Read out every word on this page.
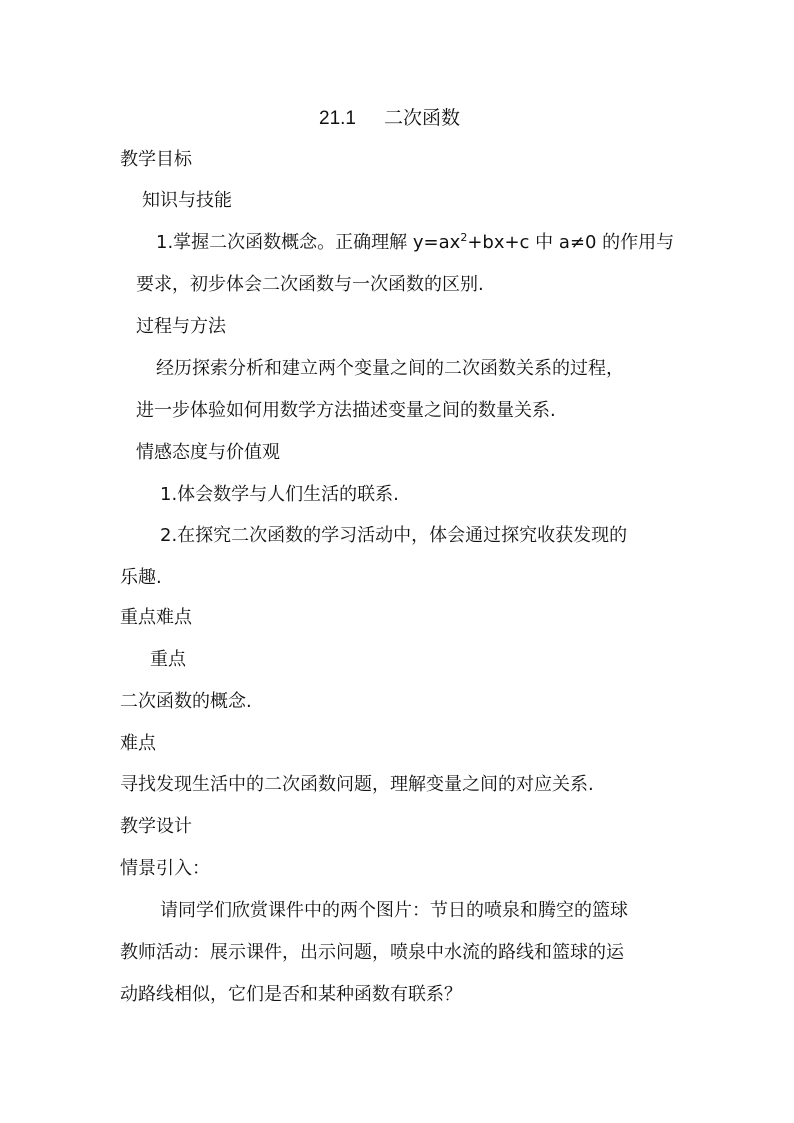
21.1 二次函数
教学目标
知识与技能
1.掌握二次函数概念。正确理解 $y=ax^2+bx+c$ 中 a≠0 的作用与
要求，初步体会二次函数与一次函数的区别.
过程与方法
经历探索分析和建立两个变量之间的二次函数关系的过程，
进一步体验如何用数学方法描述变量之间的数量关系.
情感态度与价值观
1.体会数学与人们生活的联系.
2.在探究二次函数的学习活动中，体会通过探究收获发现的
乐趣.
重点难点
重点
二次函数的概念.
难点
寻找发现生活中的二次函数问题，理解变量之间的对应关系.
教学设计
情景引入：
请同学们欣赏课件中的两个图片：节日的喷泉和腾空的篮球
教师活动：展示课件，出示问题，喷泉中水流的路线和篮球的运
动路线相似，它们是否和某种函数有联系？
